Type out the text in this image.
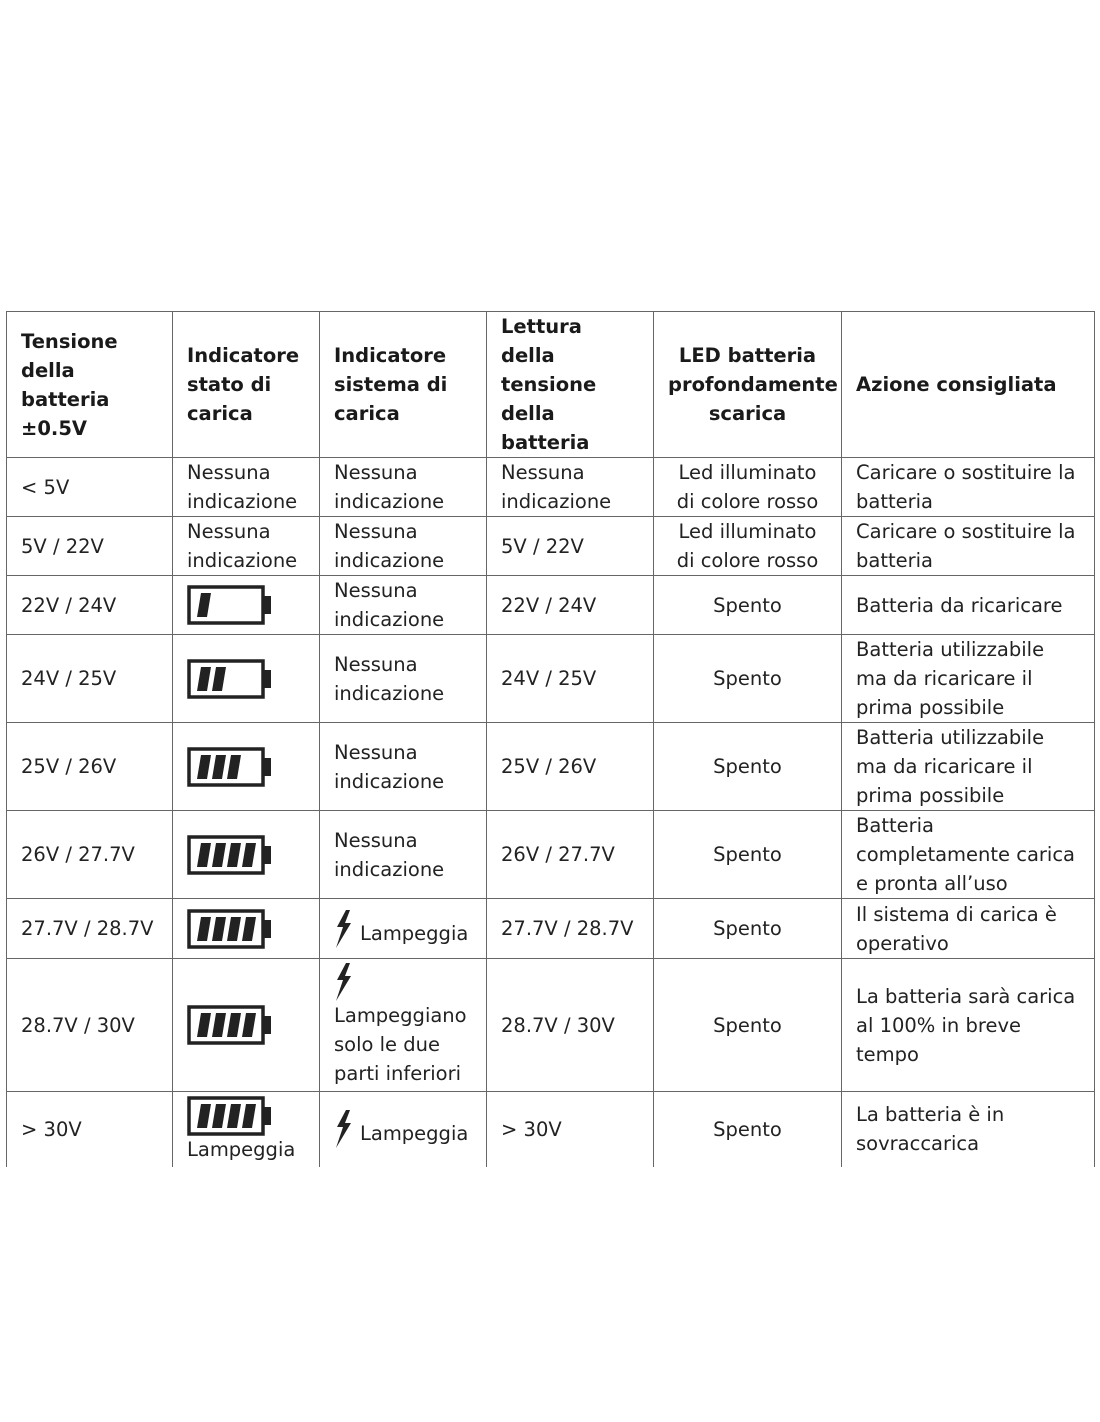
Tensione della batteria ±0.5V	Indicatore stato di carica	Indicatore sistema di carica	Lettura della tensione della batteria	LED batteria profondamente scarica	Azione consigliata
< 5V	Nessuna indicazione	Nessuna indicazione	Nessuna indicazione	Led illuminato di colore rosso	Caricare o sostituire la batteria
5V / 22V	Nessuna indicazione	Nessuna indicazione	5V / 22V	Led illuminato di colore rosso	Caricare o sostituire la batteria
22V / 24V		Nessuna indicazione	22V / 24V	Spento	Batteria da ricaricare
24V / 25V		Nessuna indicazione	24V / 25V	Spento	Batteria utilizzabile ma da ricaricare il prima possibile
25V / 26V		Nessuna indicazione	25V / 26V	Spento	Batteria utilizzabile ma da ricaricare il prima possibile
26V / 27.7V		Nessuna indicazione	26V / 27.7V	Spento	Batteria completamente carica e pronta all’uso
27.7V / 28.7V		Lampeggia	27.7V / 28.7V	Spento	Il sistema di carica è operativo
28.7V / 30V		Lampeggiano solo le due parti inferiori	28.7V / 30V	Spento	La batteria sarà carica al 100% in breve tempo
> 30V	Lampeggia	Lampeggia	> 30V	Spento	La batteria è in sovraccarica
